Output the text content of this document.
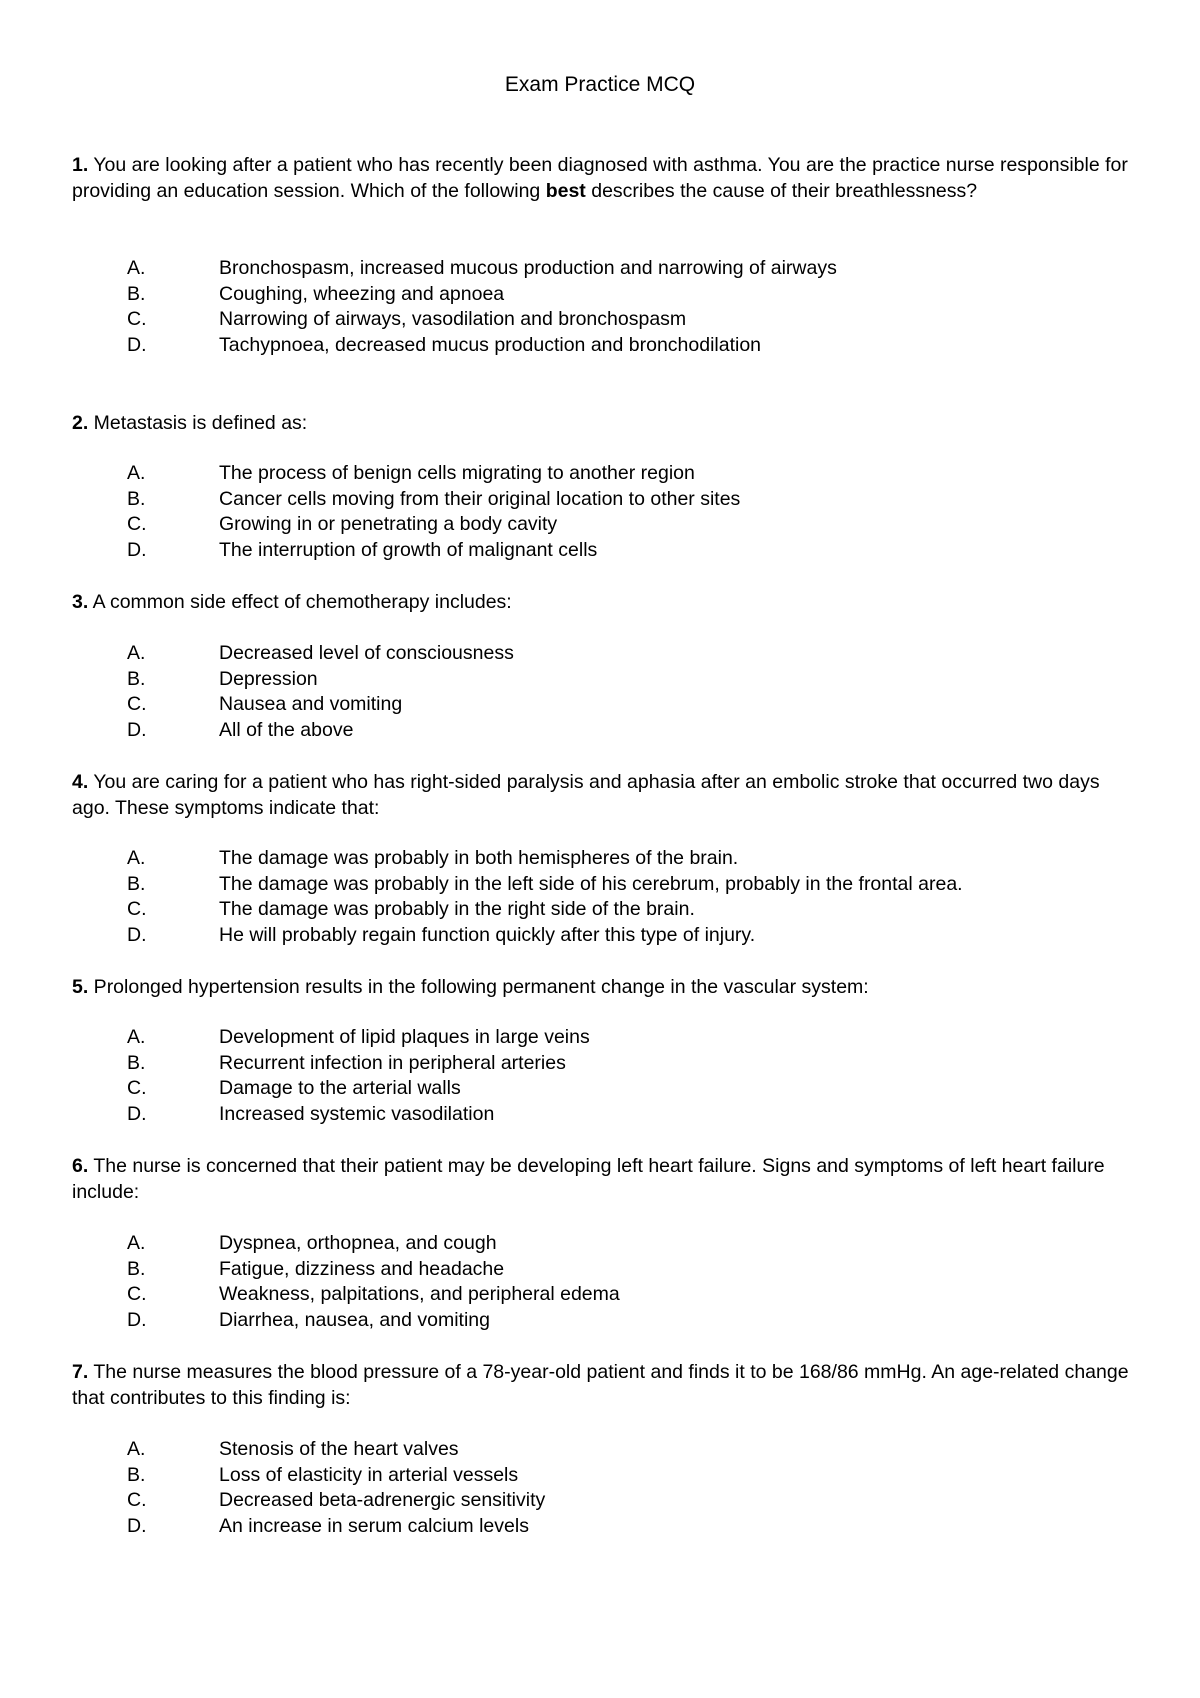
Exam Practice MCQ

1. You are looking after a patient who has recently been diagnosed with asthma. You are the practice nurse responsible for providing an education session. Which of the following best describes the cause of their breathlessness?

A.	Bronchospasm, increased mucous production and narrowing of airways
B.	Coughing, wheezing and apnoea
C.	Narrowing of airways, vasodilation and bronchospasm
D.	Tachypnoea, decreased mucus production and bronchodilation

2. Metastasis is defined as:

A.	The process of benign cells migrating to another region
B.	Cancer cells moving from their original location to other sites
C.	Growing in or penetrating a body cavity
D.	The interruption of growth of malignant cells

3. A common side effect of chemotherapy includes:

A.	Decreased level of consciousness
B.	Depression
C.	Nausea and vomiting
D.	All of the above

4. You are caring for a patient who has right-sided paralysis and aphasia after an embolic stroke that occurred two days ago. These symptoms indicate that:

A.	The damage was probably in both hemispheres of the brain.
B.	The damage was probably in the left side of his cerebrum, probably in the frontal area.
C.	The damage was probably in the right side of the brain.
D.	He will probably regain function quickly after this type of injury.

5. Prolonged hypertension results in the following permanent change in the vascular system:

A.	Development of lipid plaques in large veins
B.	Recurrent infection in peripheral arteries
C.	Damage to the arterial walls
D.	Increased systemic vasodilation

6. The nurse is concerned that their patient may be developing left heart failure. Signs and symptoms of left heart failure include:

A.	Dyspnea, orthopnea, and cough
B.	Fatigue, dizziness and headache
C.	Weakness, palpitations, and peripheral edema
D.	Diarrhea, nausea, and vomiting

7. The nurse measures the blood pressure of a 78-year-old patient and finds it to be 168/86 mmHg. An age-related change that contributes to this finding is:

A.	Stenosis of the heart valves
B.	Loss of elasticity in arterial vessels
C.	Decreased beta-adrenergic sensitivity
D.	An increase in serum calcium levels
